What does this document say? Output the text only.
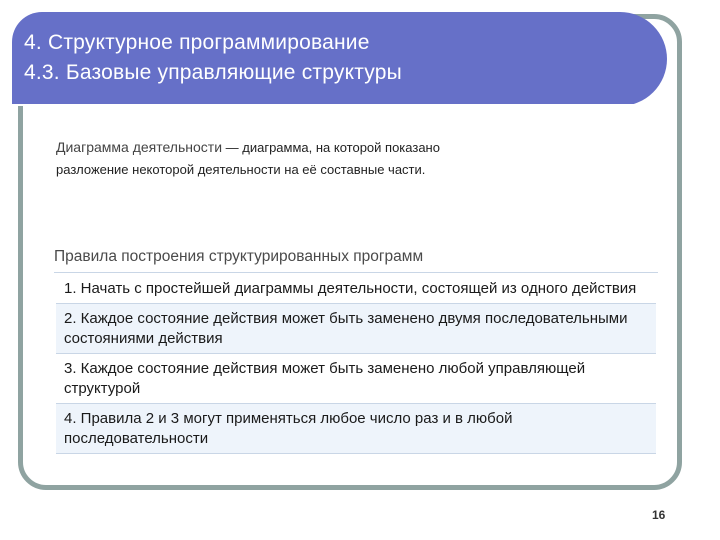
4. Структурное программирование
4.3. Базовые управляющие структуры
Диаграмма деятельности — диаграмма, на которой показано
разложение некоторой деятельности на её составные части.
Правила построения структурированных программ
1. Начать с простейшей диаграммы деятельности, состоящей из одного действия
2. Каждое состояние действия может быть заменено двумя последовательными состояниями действия
3. Каждое состояние действия может быть заменено любой управляющей структурой
4. Правила 2 и 3 могут применяться любое число раз и в любой последовательности
16
